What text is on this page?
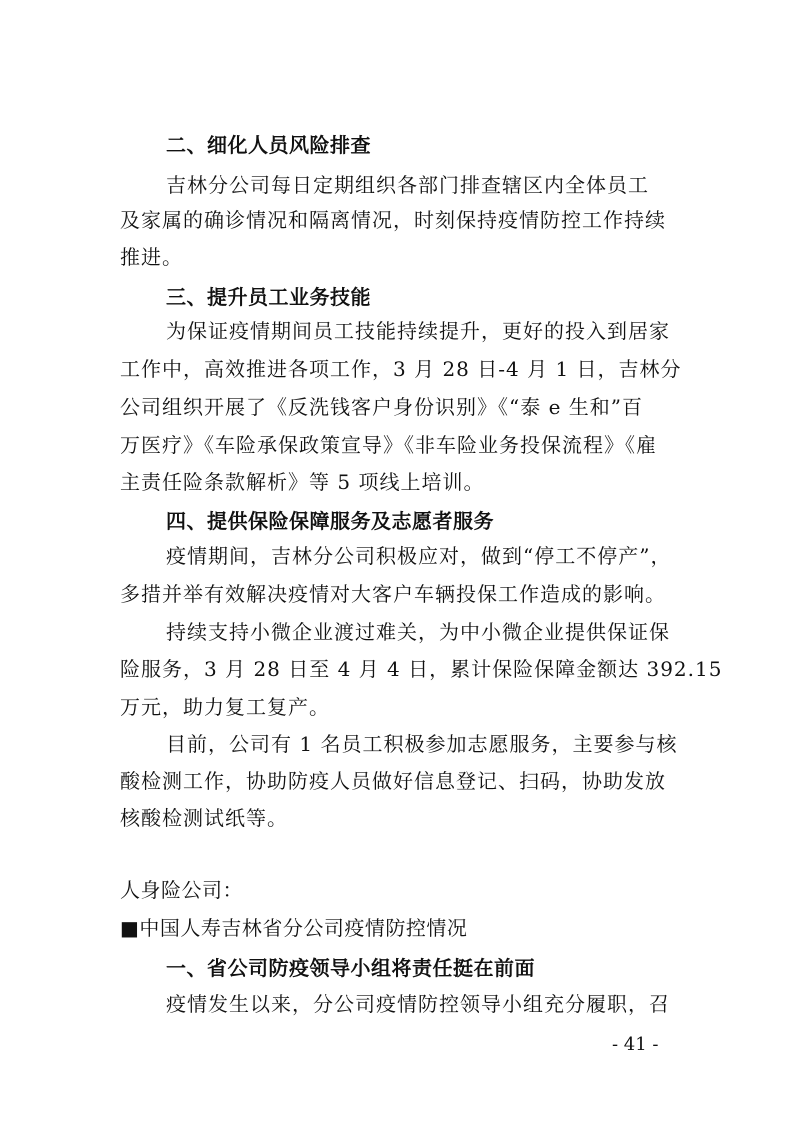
二、细化人员风险排查
吉林分公司每日定期组织各部门排查辖区内全体员工
及家属的确诊情况和隔离情况，时刻保持疫情防控工作持续
推进。
三、提升员工业务技能
为保证疫情期间员工技能持续提升，更好的投入到居家
工作中，高效推进各项工作，3 月 28 日-4 月 1 日，吉林分
公司组织开展了《反洗钱客户身份识别》《“泰 e 生和”百
万医疗》《车险承保政策宣导》《非车险业务投保流程》《雇
主责任险条款解析》等 5 项线上培训。
四、提供保险保障服务及志愿者服务
疫情期间，吉林分公司积极应对，做到“停工不停产”，
多措并举有效解决疫情对大客户车辆投保工作造成的影响。
持续支持小微企业渡过难关，为中小微企业提供保证保
险服务，3 月 28 日至 4 月 4 日，累计保险保障金额达 392.15
万元，助力复工复产。
目前，公司有 1 名员工积极参加志愿服务，主要参与核
酸检测工作，协助防疫人员做好信息登记、扫码，协助发放
核酸检测试纸等。
人身险公司：
■中国人寿吉林省分公司疫情防控情况
一、省公司防疫领导小组将责任挺在前面
疫情发生以来，分公司疫情防控领导小组充分履职，召
- 41 -
